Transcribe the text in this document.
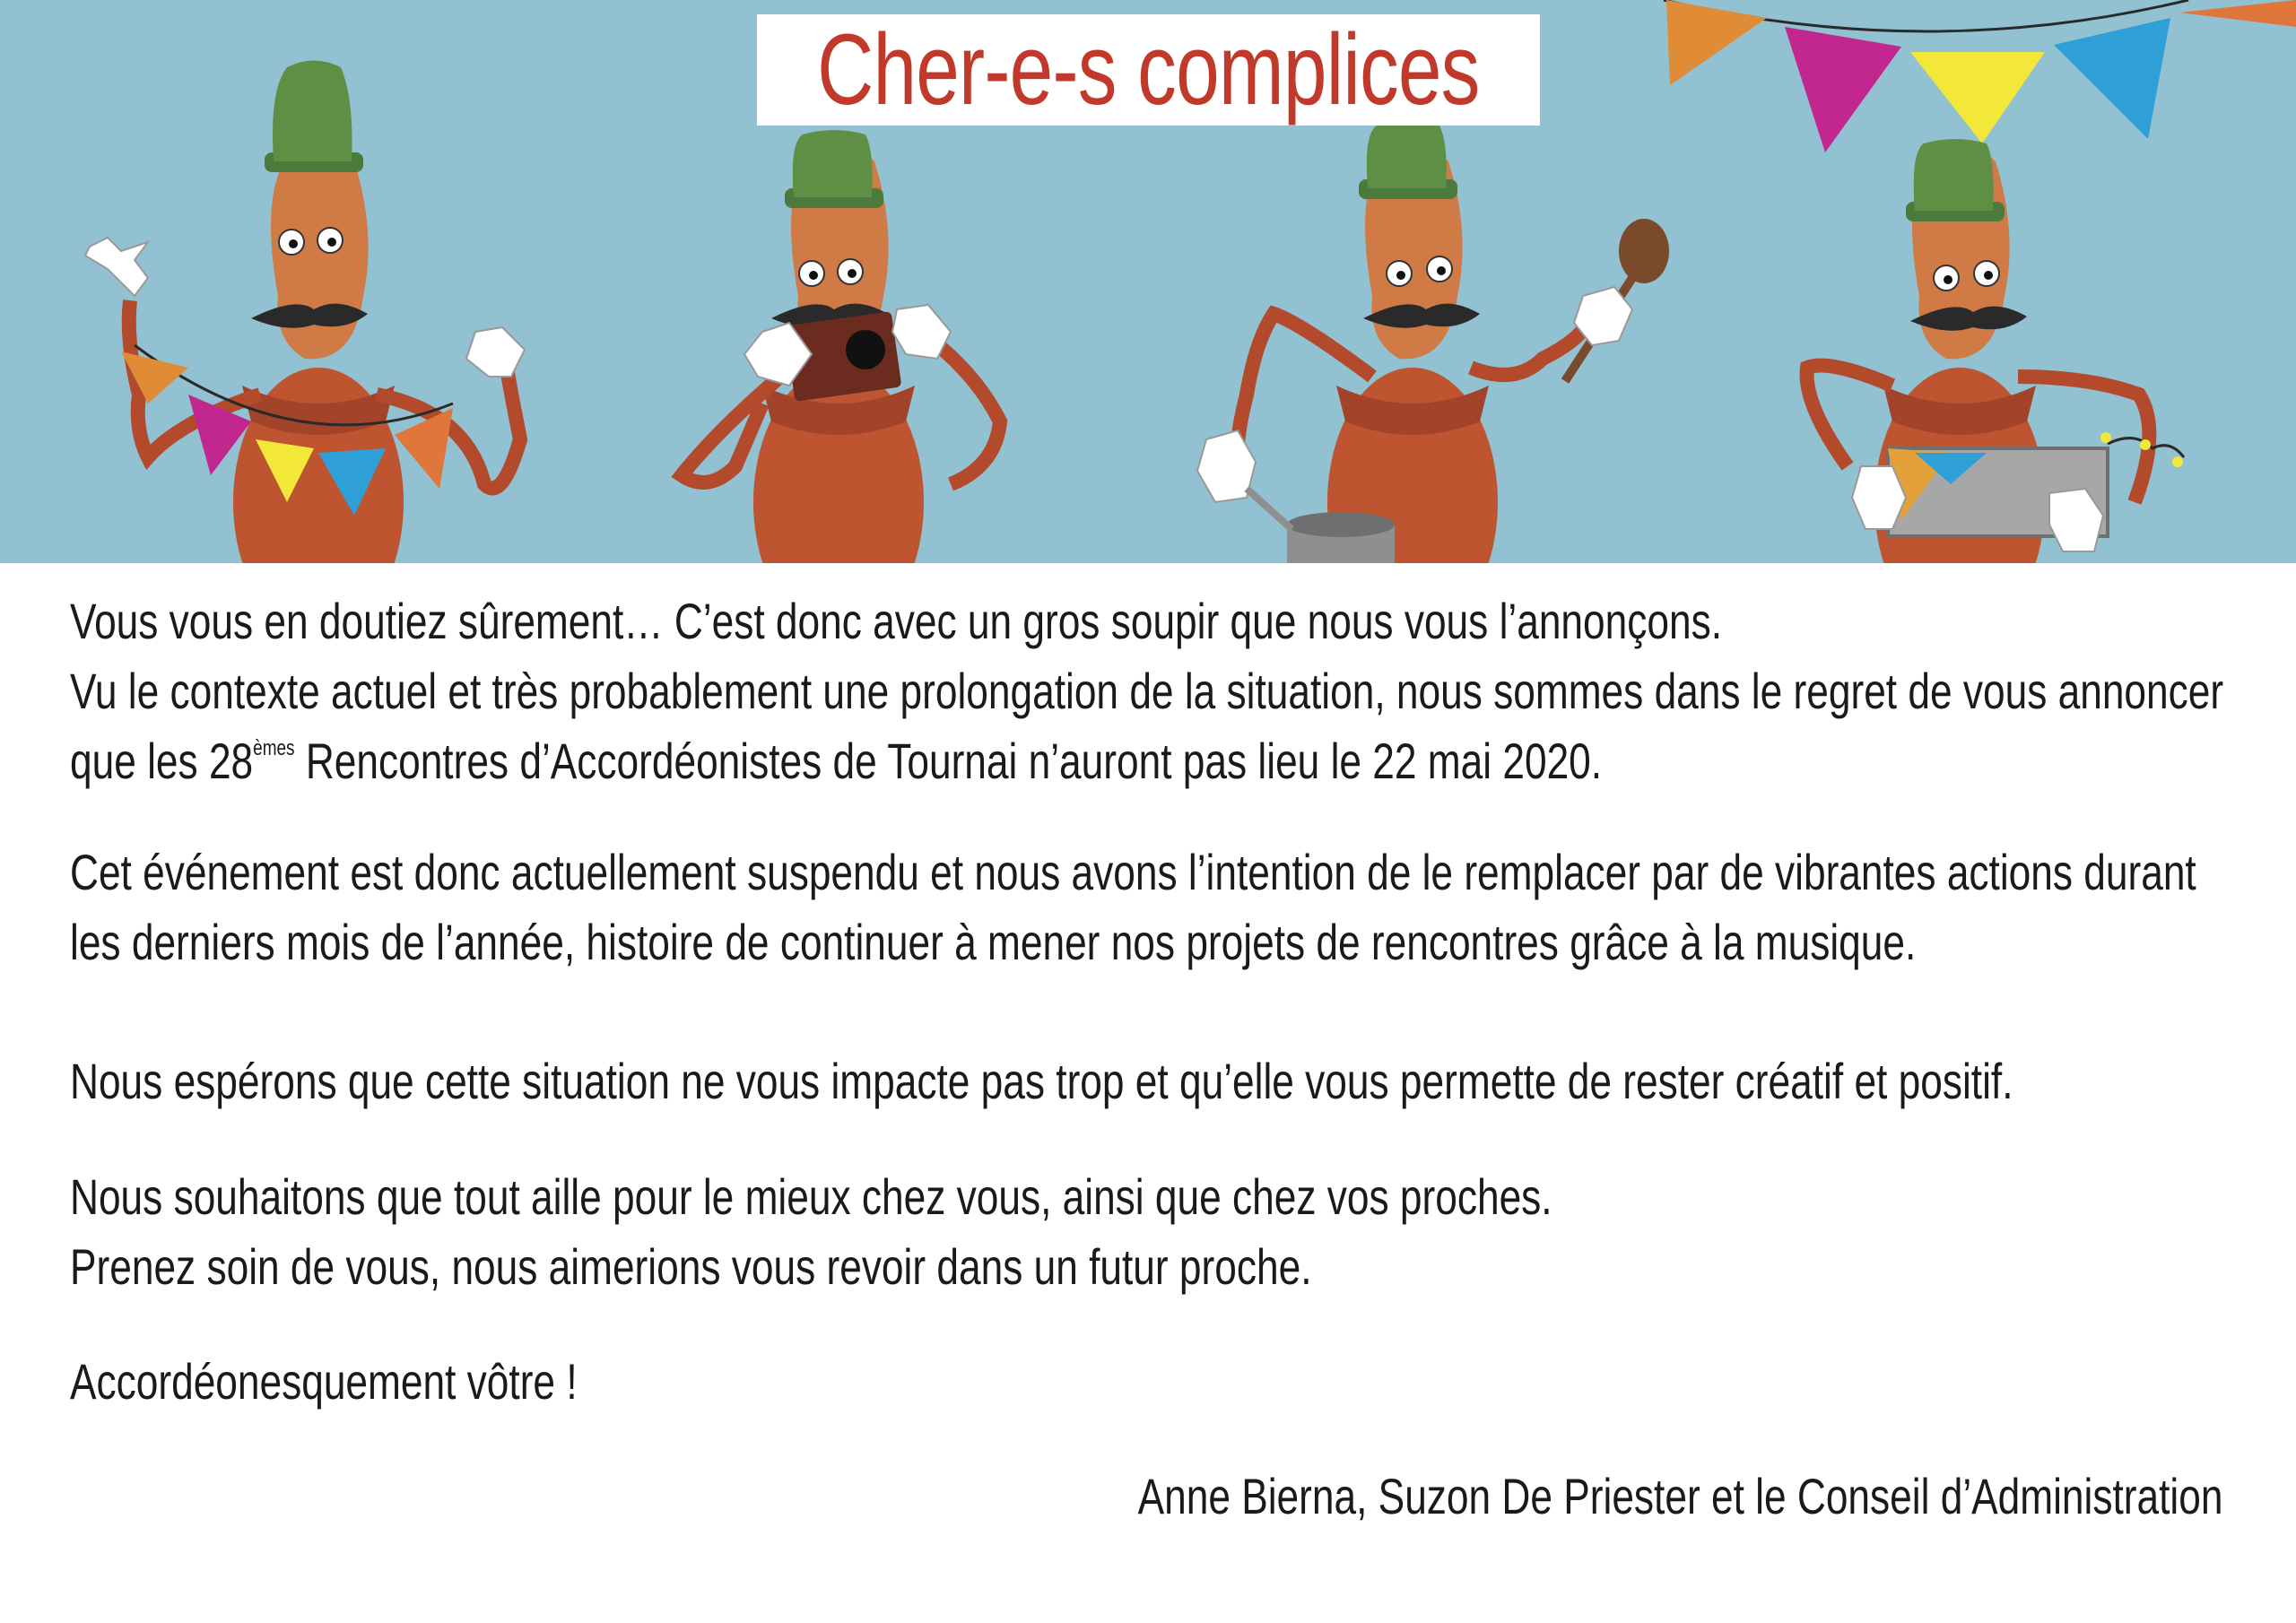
Cher-e-s complices
Vous vous en doutiez sûrement… C’est donc avec un gros soupir que nous vous l’annonçons.
Vu le contexte actuel et très probablement une prolongation de la situation, nous sommes dans le regret de vous annoncer
que les 28èmes Rencontres d’Accordéonistes de Tournai n’auront pas lieu le 22 mai 2020.
Cet événement est donc actuellement suspendu et nous avons l’intention de le remplacer par de vibrantes actions durant
les derniers mois de l’année, histoire de continuer à mener nos projets de rencontres grâce à la musique.
Nous espérons que cette situation ne vous impacte pas trop et qu’elle vous permette de rester créatif et positif.
Nous souhaitons que tout aille pour le mieux chez vous, ainsi que chez vos proches.
Prenez soin de vous, nous aimerions vous revoir dans un futur proche.
Accordéonesquement vôtre !
Anne Bierna, Suzon De Priester et le Conseil d’Administration
